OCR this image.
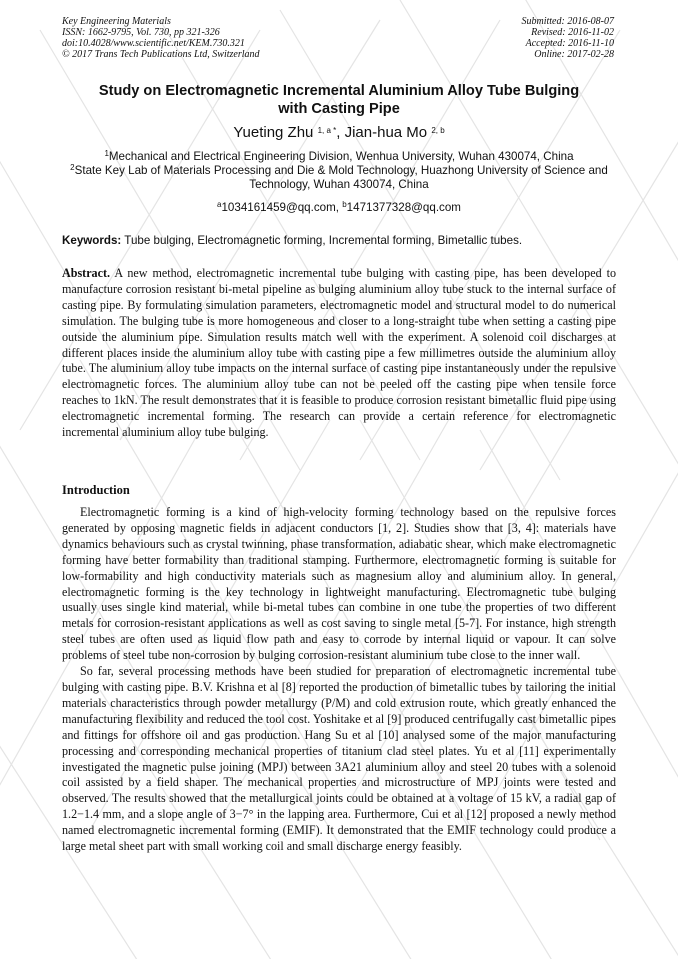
Key Engineering Materials
ISSN: 1662-9795, Vol. 730, pp 321-326
doi:10.4028/www.scientific.net/KEM.730.321
© 2017 Trans Tech Publications Ltd, Switzerland
Submitted: 2016-08-07
Revised: 2016-11-02
Accepted: 2016-11-10
Online: 2017-02-28
Study on Electromagnetic Incremental Aluminium Alloy Tube Bulging
with Casting Pipe
Yueting Zhu $^{1, a *}$, Jian-hua Mo $^{2, b}$

$^1$Mechanical and Electrical Engineering Division, Wenhua University, Wuhan 430074, China

$^2$State Key Lab of Materials Processing and Die & Mold Technology, Huazhong University of Science and Technology, Wuhan 430074, China

$^a$1034161459@qq.com, $^b$1471377328@qq.com
Keywords: Tube bulging, Electromagnetic forming, Incremental forming, Bimetallic tubes.
Abstract. A new method, electromagnetic incremental tube bulging with casting pipe, has been developed to manufacture corrosion resistant bi-metal pipeline as bulging aluminium alloy tube stuck to the internal surface of casting pipe. By formulating simulation parameters, electromagnetic model and structural model to do numerical simulation. The bulging tube is more homogeneous and closer to a long-straight tube when setting a casting pipe outside the aluminium pipe. Simulation results match well with the experiment. A solenoid coil discharges at different places inside the aluminium alloy tube with casting pipe a few millimetres outside the aluminium alloy tube. The aluminium alloy tube impacts on the internal surface of casting pipe instantaneously under the repulsive electromagnetic forces. The aluminium alloy tube can not be peeled off the casting pipe when tensile force reaches to 1kN. The result demonstrates that it is feasible to produce corrosion resistant bimetallic fluid pipe using electromagnetic incremental forming. The research can provide a certain reference for electromagnetic incremental aluminium alloy tube bulging.
Introduction

Electromagnetic forming is a kind of high-velocity forming technology based on the repulsive forces generated by opposing magnetic fields in adjacent conductors [1, 2]. Studies show that [3, 4]: materials have dynamics behaviours such as crystal twinning, phase transformation, adiabatic shear, which make electromagnetic forming have better formability than traditional stamping. Furthermore, electromagnetic forming is suitable for low-formability and high conductivity materials such as magnesium alloy and aluminium alloy. In general, electromagnetic forming is the key technology in lightweight manufacturing. Electromagnetic tube bulging usually uses single kind material, while bi-metal tubes can combine in one tube the properties of two different metals for corrosion-resistant applications as well as cost saving to single metal [5-7]. For instance, high strength steel tubes are often used as liquid flow path and easy to corrode by internal liquid or vapour. It can solve problems of steel tube non-corrosion by bulging corrosion-resistant aluminium tube close to the inner wall.

So far, several processing methods have been studied for preparation of electromagnetic incremental tube bulging with casting pipe. B.V. Krishna et al [8] reported the production of bimetallic tubes by tailoring the initial materials characteristics through powder metallurgy (P/M) and cold extrusion route, which greatly enhanced the manufacturing flexibility and reduced the tool cost. Yoshitake et al [9] produced centrifugally cast bimetallic pipes and fittings for offshore oil and gas production. Hang Su et al [10] analysed some of the major manufacturing processing and corresponding mechanical properties of titanium clad steel plates. Yu et al [11] experimentally investigated the magnetic pulse joining (MPJ) between 3A21 aluminium alloy and steel 20 tubes with a solenoid coil assisted by a field shaper. The mechanical properties and microstructure of MPJ joints were tested and observed. The results showed that the metallurgical joints could be obtained at a voltage of 15 kV, a radial gap of 1.2−1.4 mm, and a slope angle of 3−7° in the lapping area. Furthermore, Cui et al [12] proposed a newly method named electromagnetic incremental forming (EMIF). It demonstrated that the EMIF technology could produce a large metal sheet part with small working coil and small discharge energy feasibly.
